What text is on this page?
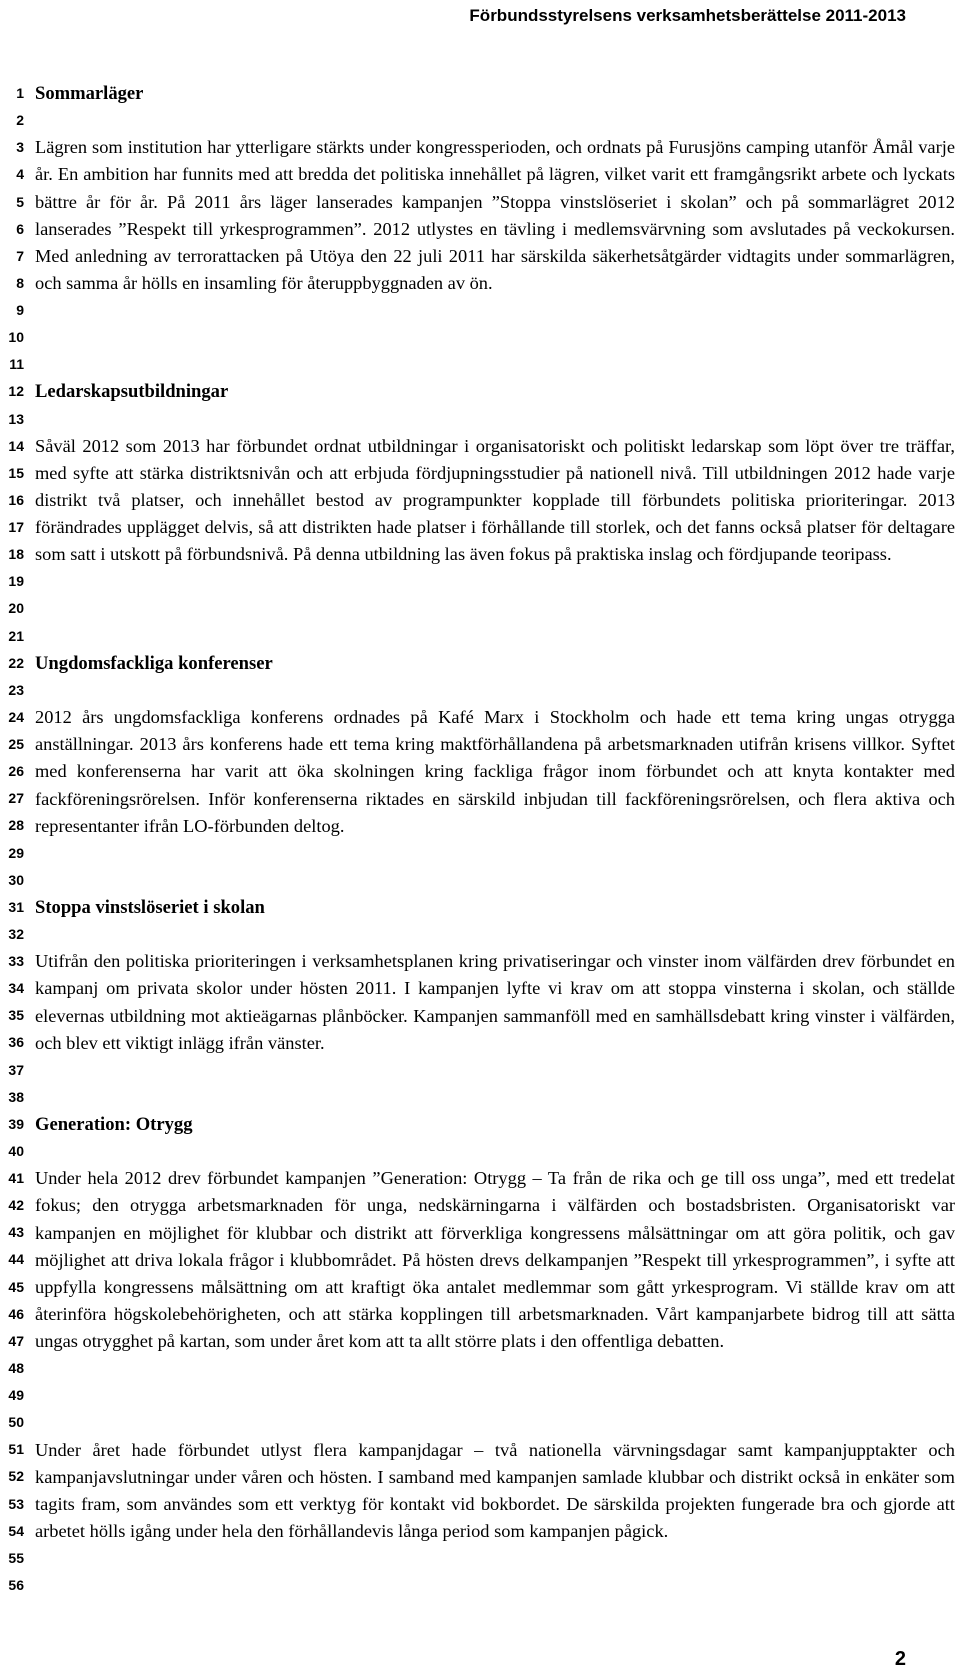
Förbundsstyrelsens verksamhetsberättelse 2011-2013
1
2
3
4
5
6
7
8
9
10
11
12
13
14
15
16
17
18
19
20
21
22
23
24
25
26
27
28
29
30
31
32
33
34
35
36
37
38
39
40
41
42
43
44
45
46
47
48
49
50
51
52
53
54
55
56
Sommarläger

Lägren som institution har ytterligare stärkts under kongressperioden, och ordnats på Furusjöns camping utanför Åmål varje år. En ambition har funnits med att bredda det politiska innehållet på lägren, vilket varit ett framgångsrikt arbete och lyckats bättre år för år. På 2011 års läger lanserades kampanjen ”Stoppa vinstslöseriet i skolan” och på sommarlägret 2012 lanserades ”Respekt till yrkesprogrammen”. 2012 utlystes en tävling i medlemsvärvning som avslutades på veckokursen. Med anledning av terrorattacken på Utöya den 22 juli 2011 har särskilda säkerhetsåtgärder vidtagits under sommarlägren, och samma år hölls en insamling för återuppbyggnaden av ön.

Ledarskapsutbildningar

Såväl 2012 som 2013 har förbundet ordnat utbildningar i organisatoriskt och politiskt ledarskap som löpt över tre träffar, med syfte att stärka distriktsnivån och att erbjuda fördjupningsstudier på nationell nivå. Till utbildningen 2012 hade varje distrikt två platser, och innehållet bestod av programpunkter kopplade till förbundets politiska prioriteringar. 2013 förändrades upplägget delvis, så att distrikten hade platser i förhållande till storlek, och det fanns också platser för deltagare som satt i utskott på förbundsnivå. På denna utbildning las även fokus på praktiska inslag och fördjupande teoripass.

Ungdomsfackliga konferenser

2012 års ungdomsfackliga konferens ordnades på Kafé Marx i Stockholm och hade ett tema kring ungas otrygga anställningar. 2013 års konferens hade ett tema kring maktförhållandena på arbetsmarknaden utifrån krisens villkor. Syftet med konferenserna har varit att öka skolningen kring fackliga frågor inom förbundet och att knyta kontakter med fackföreningsrörelsen. Inför konferenserna riktades en särskild inbjudan till fackföreningsrörelsen, och flera aktiva och representanter ifrån LO-förbunden deltog.

Stoppa vinstslöseriet i skolan

Utifrån den politiska prioriteringen i verksamhetsplanen kring privatiseringar och vinster inom välfärden drev förbundet en kampanj om privata skolor under hösten 2011. I kampanjen lyfte vi krav om att stoppa vinsterna i skolan, och ställde elevernas utbildning mot aktieägarnas plånböcker. Kampanjen sammanföll med en samhällsdebatt kring vinster i välfärden, och blev ett viktigt inlägg ifrån vänster.

Generation: Otrygg

Under hela 2012 drev förbundet kampanjen ”Generation: Otrygg – Ta från de rika och ge till oss unga”, med ett tredelat fokus; den otrygga arbetsmarknaden för unga, nedskärningarna i välfärden och bostadsbristen. Organisatoriskt var kampanjen en möjlighet för klubbar och distrikt att förverkliga kongressens målsättningar om att göra politik, och gav möjlighet att driva lokala frågor i klubbområdet. På hösten drevs delkampanjen ”Respekt till yrkesprogrammen”, i syfte att uppfylla kongressens målsättning om att kraftigt öka antalet medlemmar som gått yrkesprogram. Vi ställde krav om att återinföra högskolebehörigheten, och att stärka kopplingen till arbetsmarknaden. Vårt kampanjarbete bidrog till att sätta ungas otrygghet på kartan, som under året kom att ta allt större plats i den offentliga debatten.

Under året hade förbundet utlyst flera kampanjdagar – två nationella värvningsdagar samt kampanjupptakter och kampanjavslutningar under våren och hösten. I samband med kampanjen samlade klubbar och distrikt också in enkäter som tagits fram, som användes som ett verktyg för kontakt vid bokbordet. De särskilda projekten fungerade bra och gjorde att arbetet hölls igång under hela den förhållandevis långa period som kampanjen pågick.

2
